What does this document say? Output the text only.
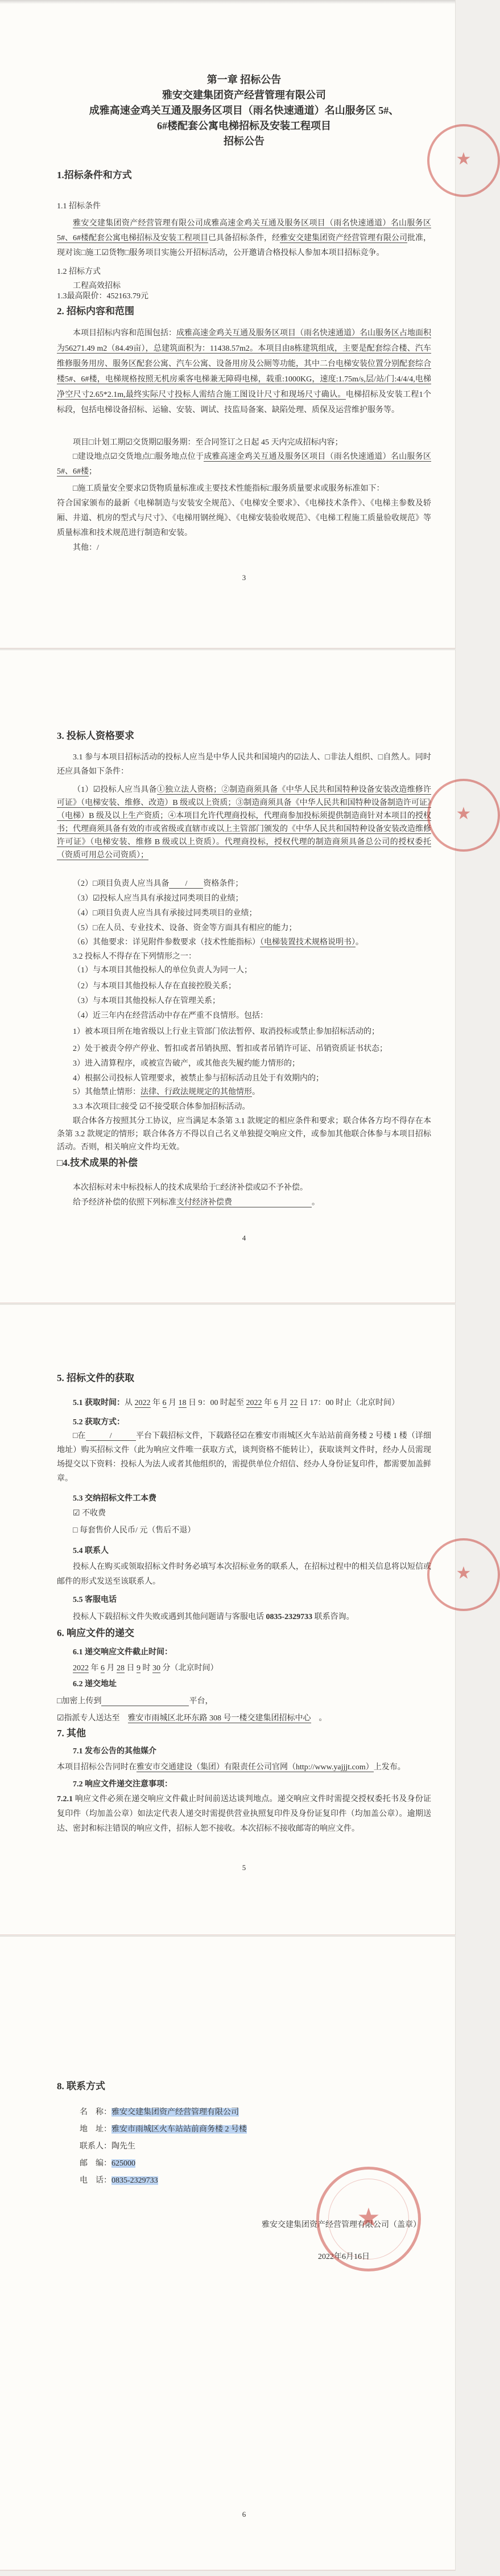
第一章 招标公告
雅安交建集团资产经营管理有限公司
成雅高速金鸡关互通及服务区项目（雨名快速通道）名山服务区 5#、
6#楼配套公寓电梯招标及安装工程项目
招标公告
1.招标条件和方式
1.1 招标条件
雅安交建集团资产经营管理有限公司成雅高速金鸡关互通及服务区项目（雨名快速通道）名山服务区5#、6#楼配套公寓电梯招标及安装工程项目已具备招标条件，经雅安交建集团资产经营管理有限公司批准，现对该□施工☑货物□服务项目实施公开招标活动，公开邀请合格投标人参加本项目招标竞争。
1.2 招标方式
工程高效招标
1.3最高限价：452163.79元
2. 招标内容和范围
本项目招标内容和范围包括：成雅高速金鸡关互通及服务区项目（雨名快速通道）名山服务区占地面积为56271.49 m2（84.49亩），总建筑面积为：11438.57m2。本项目由8栋建筑组成，主要是配套综合楼、汽车维修服务用房、服务区配套公寓、汽车公寓、设备用房及公厕等功能，其中二台电梯安装位置分别配套综合楼5#、6#楼，电梯规格按照无机房乘客电梯兼无障碍电梯，载重:1000KG，速度:1.75m/s,层/站/门:4/4/4,电梯净空尺寸2.65*2.1m,最终实际尺寸投标人需结合施工图设计尺寸和现场尺寸确认。电梯招标及安装工程1个标段，包括电梯设备招标、运输、安装、调试、技监局备案、缺陷处理、质保及运营维护服务等。
项目□计划工期☑交货期☑服务期：至合同签订之日起 45 天内完成招标内容；
□建设地点☑交货地点□服务地点位于成雅高速金鸡关互通及服务区项目（雨名快速通道）名山服务区 5#、6#楼；
□施工质量安全要求☑货物质量标准或主要技术性能指标□服务质量要求或服务标准如下：
符合国家颁布的最新《电梯制造与安装安全规范》、《电梯安全要求》、《电梯技术条件》、《电梯主参数及轿厢、井道、机房的型式与尺寸》、《电梯用钢丝绳》、《电梯安装验收规范》、《电梯工程施工质量验收规范》等质量标准和技术规范进行制造和安装。
其他：/
3
3. 投标人资格要求
3.1 参与本项目招标活动的投标人应当是中华人民共和国境内的☑法人、□非法人组织、□自然人。同时还应具备如下条件：
（1）☑投标人应当具备①独立法人资格；②制造商须具备《中华人民共和国特种设备安装改造维修许可证》（电梯安装、维修、改造）B 级或以上资质；③制造商须具备《中华人民共和国特种设备制造许可证》（电梯）B 级及以上生产资质；④本项目允许代理商投标，代理商参加投标须提供制造商针对本项目的授权书；代理商须具备有效的市或省级或直辖市或以上主管部门颁发的《中华人民共和国特种设备安装改造维修许可证》（电梯安装、维修 B 级或以上资质）。代理商投标，授权代理的制造商须具备总公司的授权委托（资质可用总公司资质）；
（2）□项目负责人应当具备　　/　　资格条件；
（3）☑投标人应当具有承接过同类项目的业绩；
（4）□项目负责人应当具有承接过同类项目的业绩；
（5）□在人员、专业技术、设备、资金等方面具有相应的能力；
（6）其他要求：详见附件参数要求（技术性能指标）（电梯装置技术规格说明书）。
3.2 投标人不得存在下列情形之一：
（1）与本项目其他投标人的单位负责人为同一人；
（2）与本项目其他投标人存在直接控股关系；
（3）与本项目其他投标人存在管理关系；
（4）近三年内在经营活动中存在严重不良情形。包括：
1）被本项目所在地省级以上行业主管部门依法暂停、取消投标或禁止参加招标活动的；
2）处于被责令停产停业、暂扣或者吊销执照、暂扣或者吊销许可证、吊销资质证书状态；
3）进入清算程序，或被宣告破产，或其他丧失履约能力情形的；
4）根据公司投标人管理要求，被禁止参与招标活动且处于有效期内的；
5）其他禁止情形：法律、行政法规规定的其他情形。
3.3 本次项目□接受 ☑不接受联合体参加招标活动。
联合体各方按照其分工协议，应当满足本条第 3.1 款规定的相应条件和要求；联合体各方均不得存在本条第 3.2 款规定的情形；联合体各方不得以自己名义单独提交响应文件，或参加其他联合体参与本项目招标活动。否则，相关响应文件均无效。
□4.技术成果的补偿
本次招标对未中标投标人的技术成果给于□经济补偿或☑不予补偿。
给予经济补偿的依照下列标准支付经济补偿费　　　　　　　　　　。
4
5. 招标文件的获取
5.1 获取时间：从 2022 年 6 月 18 日 9：00 时起至 2022 年 6 月 22 日 17：00 时止（北京时间）
5.2 获取方式：
□在　　　/　　　平台下载招标文件，下载路径☑在雅安市雨城区火车站站前商务楼 2 号楼 1 楼（详细地址）购买招标文件（此为响应文件唯一获取方式，谈判资格不能转让），获取谈判文件时，经办人员需现场提交以下资料：投标人为法人或者其他组织的，需提供单位介绍信、经办人身份证复印件，都需要加盖鲜章。
5.3 交纳招标文件工本费
☑ 不收费
□ 每套售价人民币/ 元（售后不退）
5.4 联系人
投标人在购买或领取招标文件时务必填写本次招标业务的联系人，在招标过程中的相关信息将以短信或邮件的形式发送至该联系人。
5.5 客服电话
投标人下载招标文件失败或遇到其他问题请与客服电话 0835-2329733 联系咨询。
6. 响应文件的递交
6.1 递交响应文件截止时间：
2022 年 6 月 28 日 9 时 30 分（北京时间）
6.2 递交地址
□加密上传到　　　　　　　　　　　	平台，
☑指派专人送达至　雅安市雨城区北环东路 308 号一楼交建集团招标中心　。
7. 其他
7.1 发布公告的其他媒介
本项目招标公告同时在雅安市交通建设（集团）有限责任公司官网（http://www.yajjjt.com）上发布。
7.2 响应文件递交注意事项：
7.2.1 响应文件必须在递交响应文件截止时间前送达谈判地点。递交响应文件时需提交授权委托书及身份证复印件（均加盖公章）如法定代表人递交时需提供营业执照复印件及身份证复印件（均加盖公章）。逾期送达、密封和标注错误的响应文件，招标人恕不接收。本次招标不接收邮寄的响应文件。
5
8. 联系方式
名　称：雅安交建集团资产经营管理有限公司
地　址：雅安市雨城区火车站站前商务楼 2 号楼
联系人：陶先生
邮　编：625000
电　话：0835-2329733
雅安交建集团资产经营管理有限公司（盖章）
2022年6月16日
6
★
★
★
★
